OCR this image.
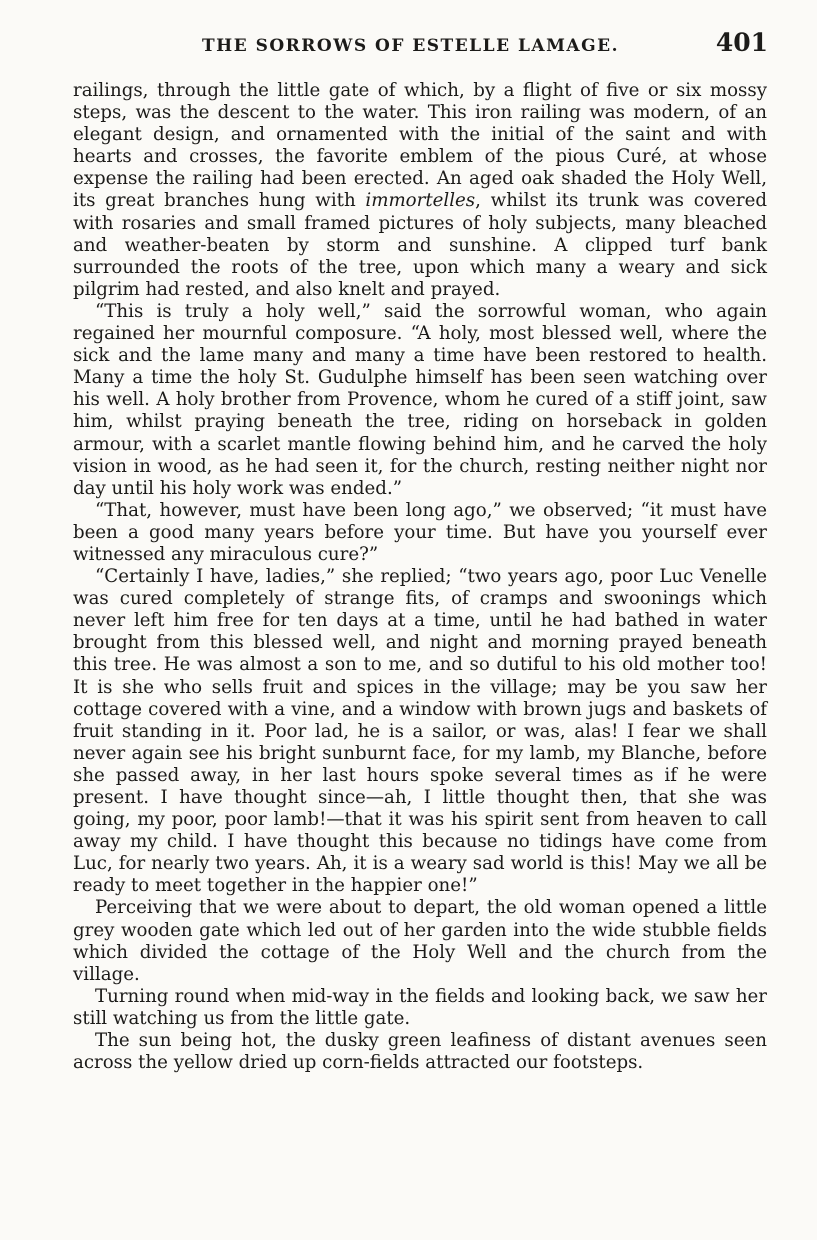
THE SORROWS OF ESTELLE LAMAGE.	401

railings, through the little gate of which, by a flight of five or six mossy steps, was the descent to the water. This iron railing was modern, of an elegant design, and ornamented with the initial of the saint and with hearts and crosses, the favorite emblem of the pious Curé, at whose expense the railing had been erected. An aged oak shaded the Holy Well, its great branches hung with immortelles, whilst its trunk was covered with rosaries and small framed pictures of holy subjects, many bleached and weather-beaten by storm and sunshine. A clipped turf bank surrounded the roots of the tree, upon which many a weary and sick pilgrim had rested, and also knelt and prayed.

“This is truly a holy well,” said the sorrowful woman, who again regained her mournful composure. “A holy, most blessed well, where the sick and the lame many and many a time have been restored to health. Many a time the holy St. Gudulphe himself has been seen watching over his well. A holy brother from Provence, whom he cured of a stiff joint, saw him, whilst praying beneath the tree, riding on horseback in golden armour, with a scarlet mantle flowing behind him, and he carved the holy vision in wood, as he had seen it, for the church, resting neither night nor day until his holy work was ended.”

“That, however, must have been long ago,” we observed; “it must have been a good many years before your time. But have you yourself ever witnessed any miraculous cure?”

“Certainly I have, ladies,” she replied; “two years ago, poor Luc Venelle was cured completely of strange fits, of cramps and swoonings which never left him free for ten days at a time, until he had bathed in water brought from this blessed well, and night and morning prayed beneath this tree. He was almost a son to me, and so dutiful to his old mother too! It is she who sells fruit and spices in the village; may be you saw her cottage covered with a vine, and a window with brown jugs and baskets of fruit standing in it. Poor lad, he is a sailor, or was, alas! I fear we shall never again see his bright sunburnt face, for my lamb, my Blanche, before she passed away, in her last hours spoke several times as if he were present. I have thought since—ah, I little thought then, that she was going, my poor, poor lamb!—that it was his spirit sent from heaven to call away my child. I have thought this because no tidings have come from Luc, for nearly two years. Ah, it is a weary sad world is this! May we all be ready to meet together in the happier one!”

Perceiving that we were about to depart, the old woman opened a little grey wooden gate which led out of her garden into the wide stubble fields which divided the cottage of the Holy Well and the church from the village.

Turning round when mid-way in the fields and looking back, we saw her still watching us from the little gate.

The sun being hot, the dusky green leafiness of distant avenues seen across the yellow dried up corn-fields attracted our footsteps.
